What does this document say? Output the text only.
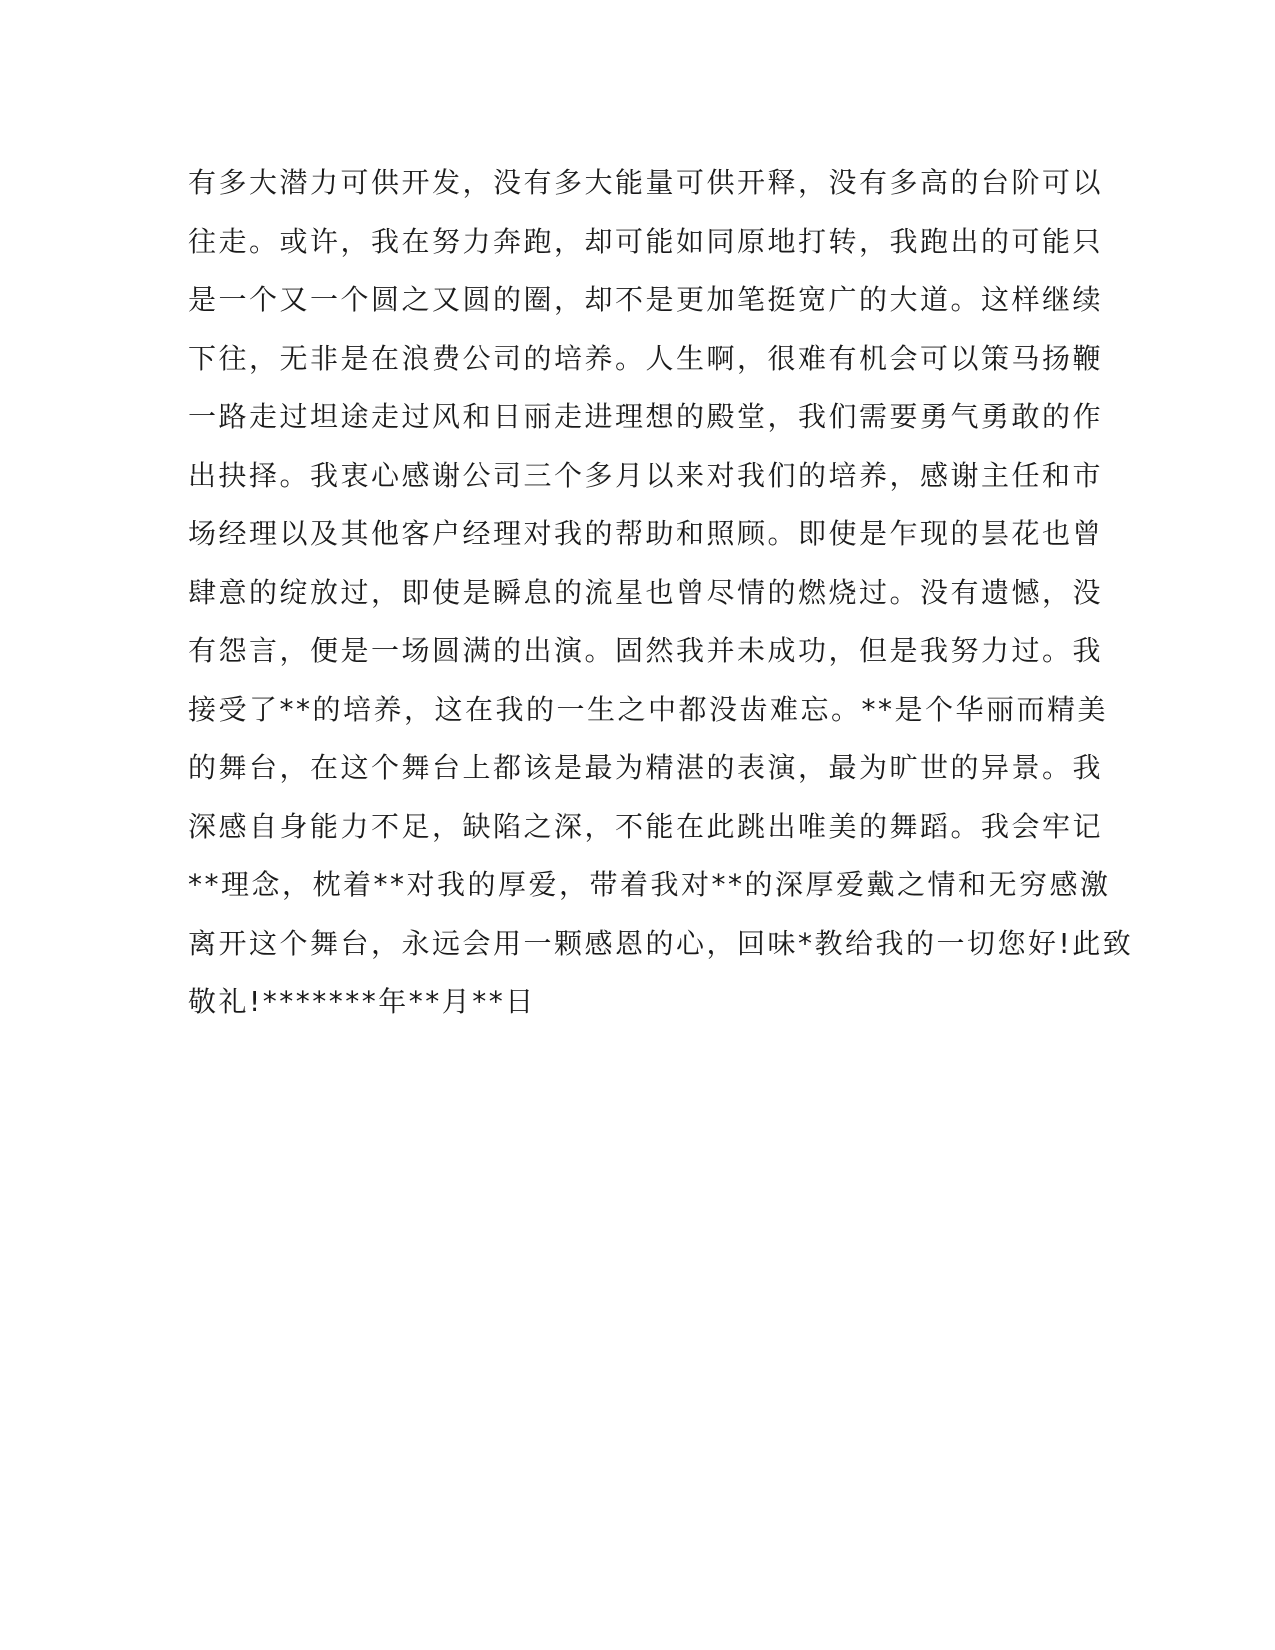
有多大潜力可供开发，没有多大能量可供开释，没有多高的台阶可以
往走。或许，我在努力奔跑，却可能如同原地打转，我跑出的可能只
是一个又一个圆之又圆的圈，却不是更加笔挺宽广的大道。这样继续
下往，无非是在浪费公司的培养。人生啊，很难有机会可以策马扬鞭
一路走过坦途走过风和日丽走进理想的殿堂，我们需要勇气勇敢的作
出抉择。我衷心感谢公司三个多月以来对我们的培养，感谢主任和市
场经理以及其他客户经理对我的帮助和照顾。即使是乍现的昙花也曾
肆意的绽放过，即使是瞬息的流星也曾尽情的燃烧过。没有遗憾，没
有怨言，便是一场圆满的出演。固然我并未成功，但是我努力过。我
接受了**的培养，这在我的一生之中都没齿难忘。**是个华丽而精美
的舞台，在这个舞台上都该是最为精湛的表演，最为旷世的异景。我
深感自身能力不足，缺陷之深，不能在此跳出唯美的舞蹈。我会牢记
**理念，枕着**对我的厚爱，带着我对**的深厚爱戴之情和无穷感激
离开这个舞台，永远会用一颗感恩的心，回味*教给我的一切您好!此致
敬礼!*******年**月**日
